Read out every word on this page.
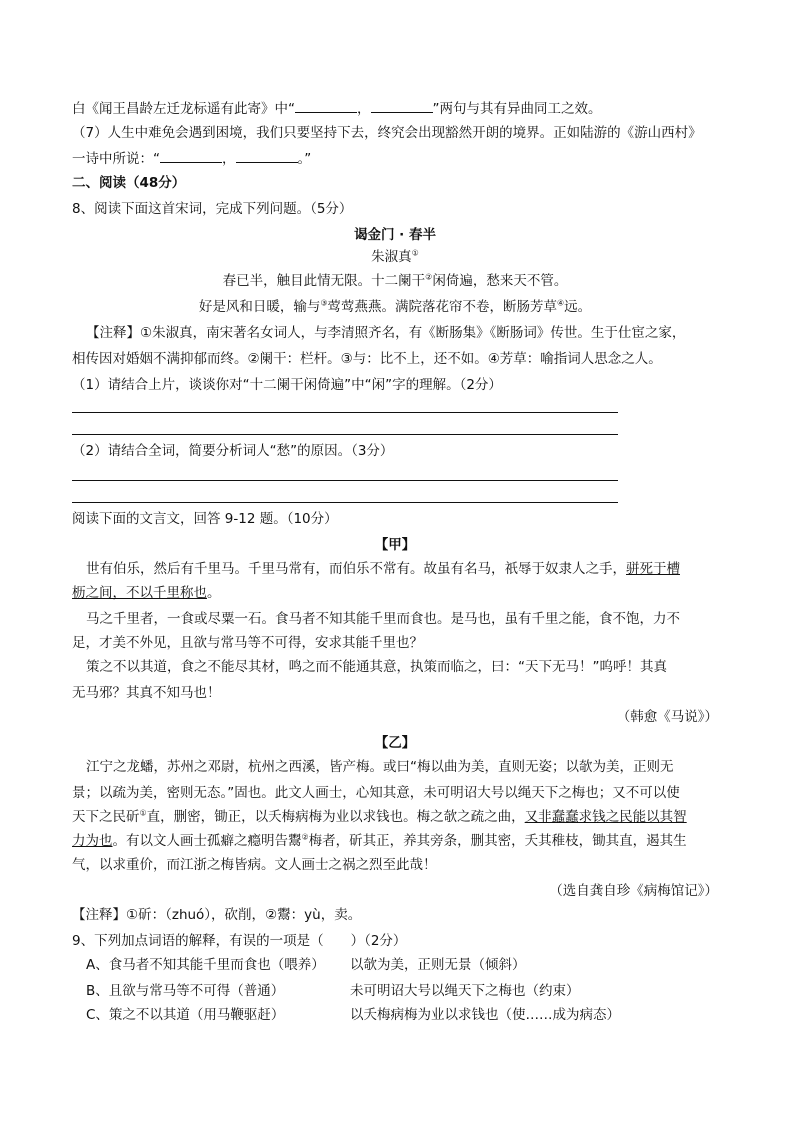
白《闻王昌龄左迁龙标遥有此寄》中“	，	”两句与其有异曲同工之效。
（7）人生中难免会遇到困境，我们只要坚持下去，终究会出现豁然开朗的境界。正如陆游的《游山西村》
一诗中所说：“	，	。”
二、阅读（48分）
8、阅读下面这首宋词，完成下列问题。（5分）
谒金门 · 春半
朱淑真①
春已半，触目此情无限。十二阑干②闲倚遍，愁来天不管。
好是风和日暖，输与③莺莺燕燕。满院落花帘不卷，断肠芳草④远。
【注释】①朱淑真，南宋著名女词人，与李清照齐名，有《断肠集》《断肠词》传世。生于仕宦之家，
相传因对婚姻不满抑郁而终。②阑干：栏杆。③与：比不上，还不如。④芳草：喻指词人思念之人。
（1）请结合上片，谈谈你对“十二阑干闲倚遍”中“闲”字的理解。（2分）
（2）请结合全词，简要分析词人“愁”的原因。（3分）
阅读下面的文言文，回答 9-12 题。（10分）
【甲】
世有伯乐，然后有千里马。千里马常有，而伯乐不常有。故虽有名马，祇辱于奴隶人之手，骈死于槽
枥之间，不以千里称也。
马之千里者，一食或尽粟一石。食马者不知其能千里而食也。是马也，虽有千里之能，食不饱，力不
足，才美不外见，且欲与常马等不可得，安求其能千里也？
策之不以其道，食之不能尽其材，鸣之而不能通其意，执策而临之，曰：“天下无马！”呜呼！其真
无马邪？其真不知马也！
（韩愈《马说》）
【乙】
江宁之龙蟠，苏州之邓尉，杭州之西溪，皆产梅。或曰“梅以曲为美，直则无姿；以欹为美，正则无
景；以疏为美，密则无态。”固也。此文人画士，心知其意，未可明诏大号以绳天下之梅也；又不可以使
天下之民斫①直，删密，锄正，以夭梅病梅为业以求钱也。梅之欹之疏之曲，又非蠢蠢求钱之民能以其智
力为也。有以文人画士孤癖之瘾明告鬻②梅者，斫其正，养其旁条，删其密，夭其稚枝，锄其直，遏其生
气，以求重价，而江浙之梅皆病。文人画士之祸之烈至此哉！
（选自龚自珍《病梅馆记》）
【注释】①斫：（zhuó），砍削，②鬻：yù，卖。
9、下列加点词语的解释，有误的一项是（　　）（2分）
A、食马者不知其能千里而食也（喂养） 以欹为美，正则无景（倾斜）
B、且欲与常马等不可得（普通）	未可明诏大号以绳天下之梅也（约束）
C、策之不以其道（用马鞭驱赶）	以夭梅病梅为业以求钱也（使……成为病态）
